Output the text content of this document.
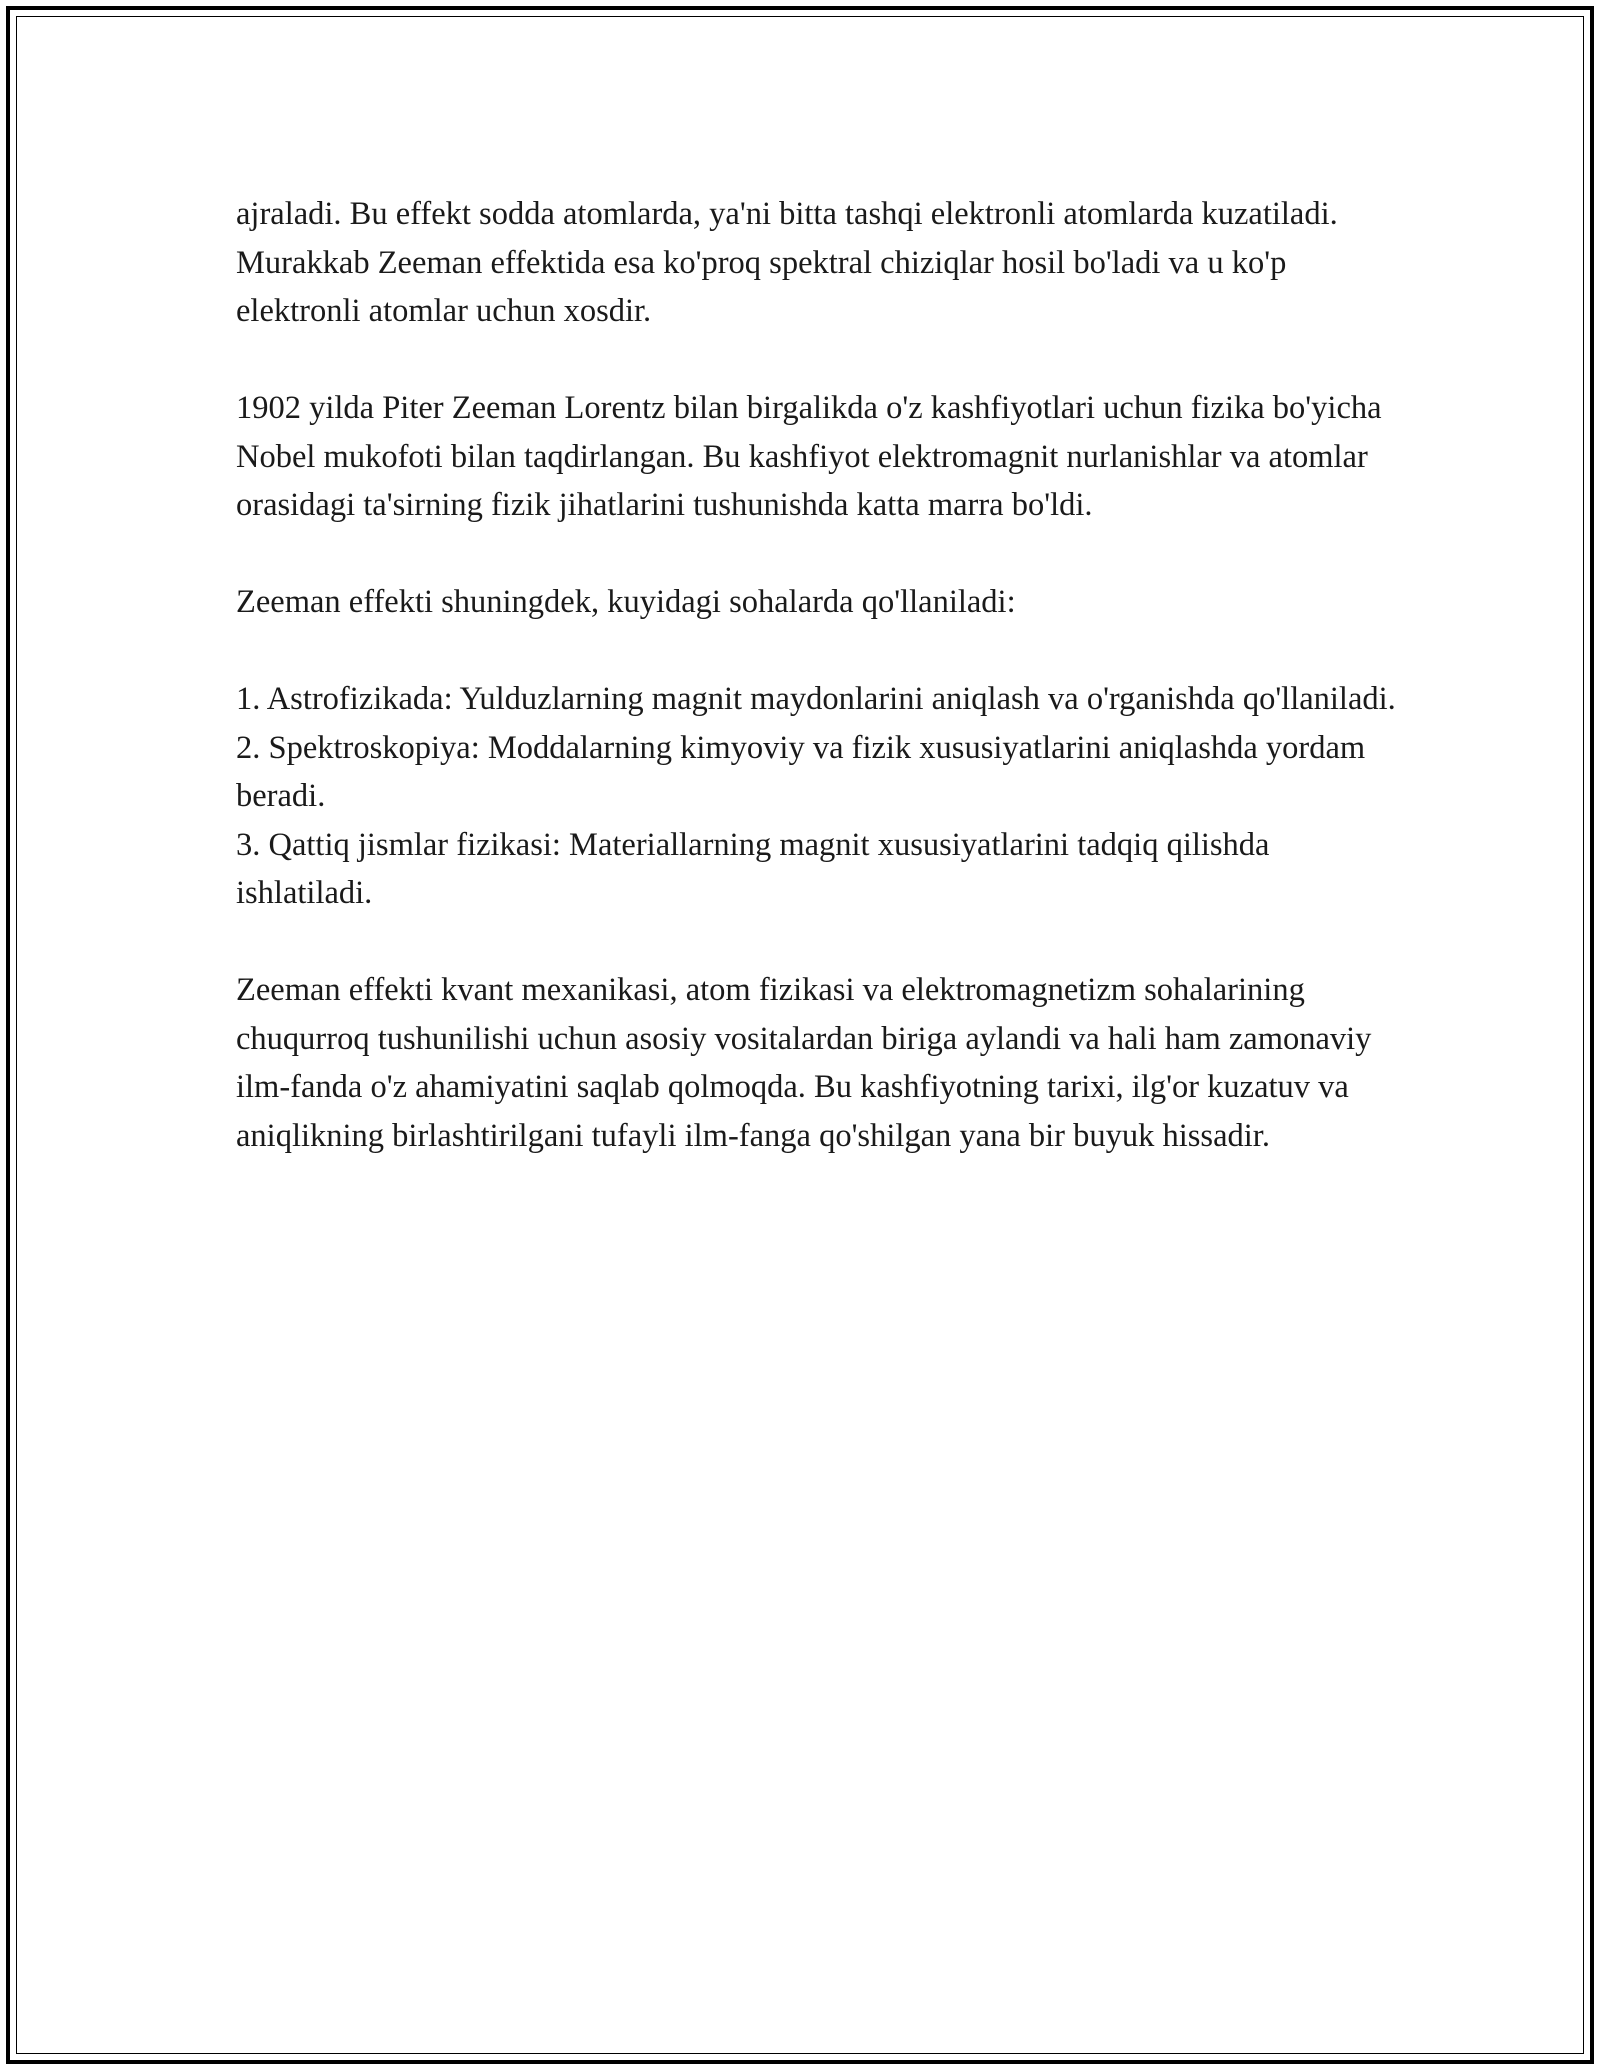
ajraladi. Bu effekt sodda atomlarda, ya'ni bitta tashqi elektronli atomlarda kuzatiladi. Murakkab Zeeman effektida esa ko'proq spektral chiziqlar hosil bo'ladi va u ko'p elektronli atomlar uchun xosdir.

1902 yilda Piter Zeeman Lorentz bilan birgalikda o'z kashfiyotlari uchun fizika bo'yicha Nobel mukofoti bilan taqdirlangan. Bu kashfiyot elektromagnit nurlanishlar va atomlar orasidagi ta'sirning fizik jihatlarini tushunishda katta marra bo'ldi.

Zeeman effekti shuningdek, kuyidagi sohalarda qo'llaniladi:

1. Astrofizikada: Yulduzlarning magnit maydonlarini aniqlash va o'rganishda qo'llaniladi.
2. Spektroskopiya: Moddalarning kimyoviy va fizik xususiyatlarini aniqlashda yordam beradi.
3. Qattiq jismlar fizikasi: Materiallarning magnit xususiyatlarini tadqiq qilishda ishlatiladi.

Zeeman effekti kvant mexanikasi, atom fizikasi va elektromagnetizm sohalarining chuqurroq tushunilishi uchun asosiy vositalardan biriga aylandi va hali ham zamonaviy ilm-fanda o'z ahamiyatini saqlab qolmoqda. Bu kashfiyotning tarixi, ilg'or kuzatuv va aniqlikning birlashtirilgani tufayli ilm-fanga qo'shilgan yana bir buyuk hissadir.
